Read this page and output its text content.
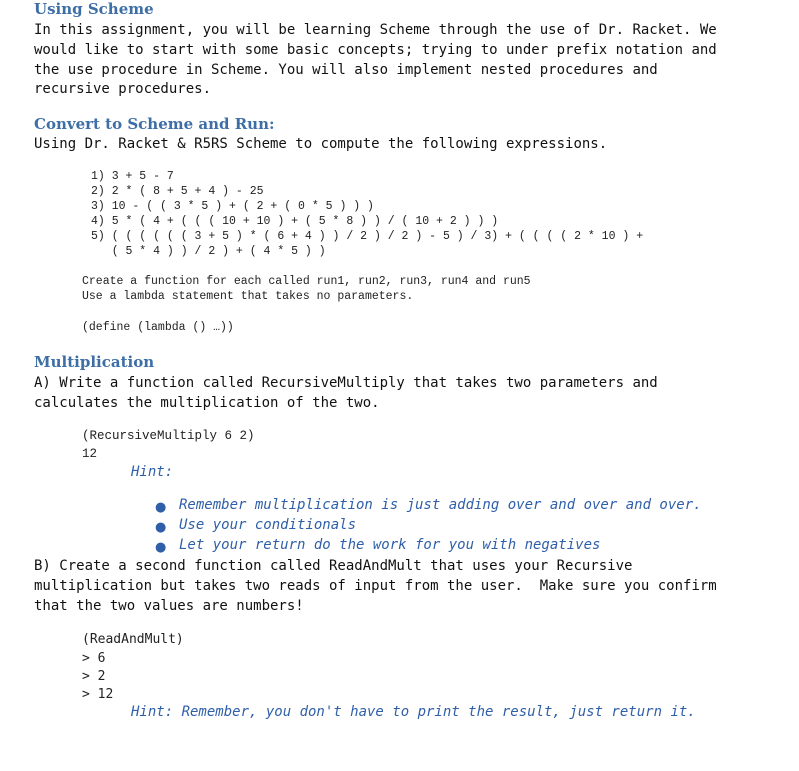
Using Scheme
In this assignment, you will be learning Scheme through the use of Dr. Racket. We
would like to start with some basic concepts; trying to under prefix notation and
the use procedure in Scheme. You will also implement nested procedures and
recursive procedures.
Convert to Scheme and Run:
Using Dr. Racket & R5RS Scheme to compute the following expressions.
1) 3 + 5 - 7
2) 2 * ( 8 + 5 + 4 ) - 25
3) 10 - ( ( 3 * 5 ) + ( 2 + ( 0 * 5 ) ) )
4) 5 * ( 4 + ( ( ( 10 + 10 ) + ( 5 * 8 ) ) / ( 10 + 2 ) ) )
5) ( ( ( ( ( ( 3 + 5 ) * ( 6 + 4 ) ) / 2 ) / 2 ) - 5 ) / 3) + ( ( ( ( 2 * 10 ) +
( 5 * 4 ) ) / 2 ) + ( 4 * 5 ) )
Create a function for each called run1, run2, run3, run4 and run5
Use a lambda statement that takes no parameters.
(define (lambda () …))
Multiplication
A) Write a function called RecursiveMultiply that takes two parameters and
calculates the multiplication of the two.
(RecursiveMultiply 6 2)
12
Hint:
● Remember multiplication is just adding over and over and over.
● Use your conditionals
● Let your return do the work for you with negatives
B) Create a second function called ReadAndMult that uses your Recursive
multiplication but takes two reads of input from the user.  Make sure you confirm
that the two values are numbers!
(ReadAndMult)
> 6
> 2
> 12
Hint: Remember, you don't have to print the result, just return it.
